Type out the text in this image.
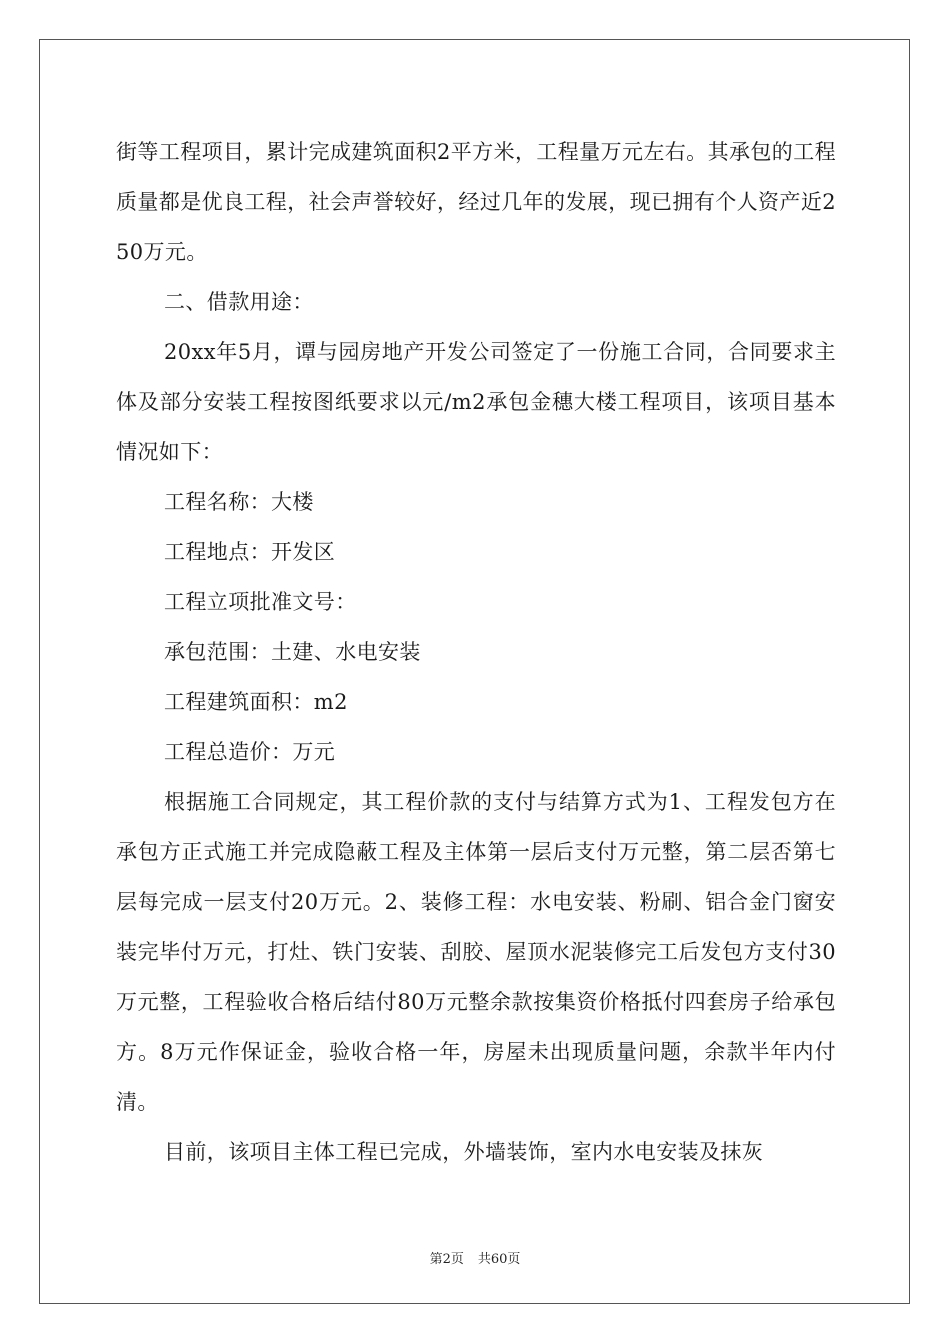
街等工程项目，累计完成建筑面积2平方米，工程量万元左右。其承包的工程质量都是优良工程，社会声誉较好，经过几年的发展，现已拥有个人资产近250万元。

二、借款用途：

20xx年5月，谭与园房地产开发公司签定了一份施工合同，合同要求主体及部分安装工程按图纸要求以元/m2承包金穗大楼工程项目，该项目基本情况如下：

工程名称：大楼

工程地点：开发区

工程立项批准文号：

承包范围：土建、水电安装

工程建筑面积：m2

工程总造价：万元

根据施工合同规定，其工程价款的支付与结算方式为1、工程发包方在承包方正式施工并完成隐蔽工程及主体第一层后支付万元整，第二层否第七层每完成一层支付20万元。2、装修工程：水电安装、粉刷、铝合金门窗安装完毕付万元，打灶、铁门安装、刮胶、屋顶水泥装修完工后发包方支付30万元整，工程验收合格后结付80万元整余款按集资价格抵付四套房子给承包方。8万元作保证金，验收合格一年，房屋未出现质量问题，余款半年内付清。

目前，该项目主体工程已完成，外墙装饰，室内水电安装及抹灰

第2页 共60页
